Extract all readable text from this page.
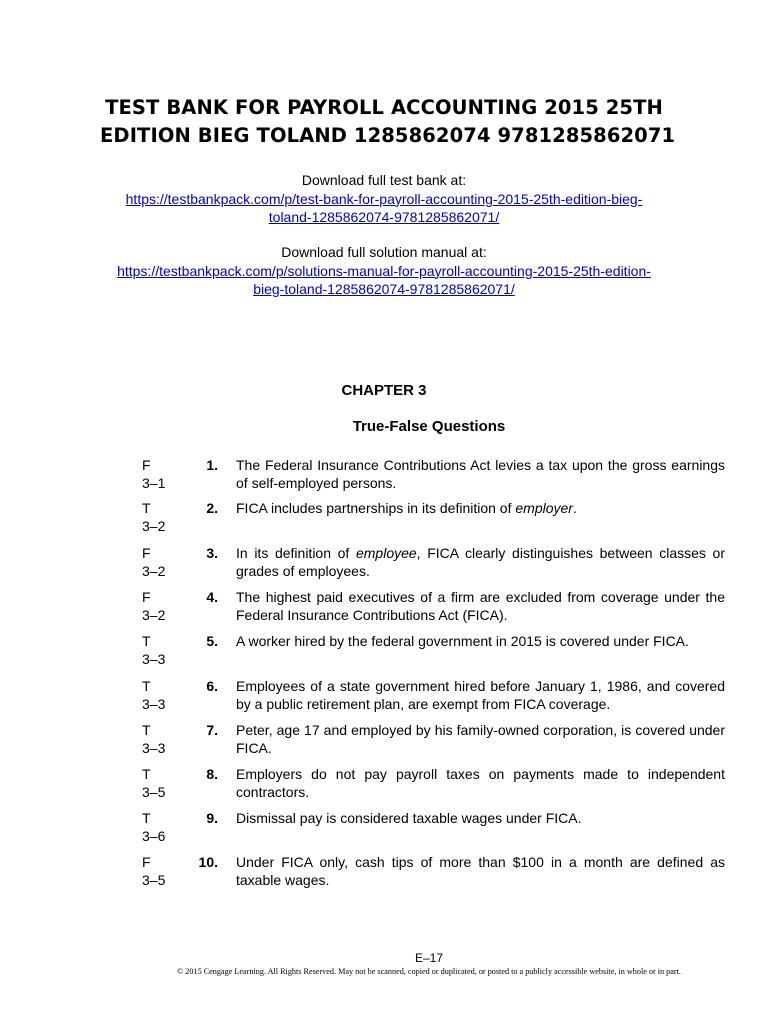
TEST BANK FOR PAYROLL ACCOUNTING 2015 25TH
EDITION BIEG TOLAND 1285862074 9781285862071
Download full test bank at:
https://testbankpack.com/p/test-bank-for-payroll-accounting-2015-25th-edition-bieg-
toland-1285862074-9781285862071/
Download full solution manual at:
https://testbankpack.com/p/solutions-manual-for-payroll-accounting-2015-25th-edition-
bieg-toland-1285862074-9781285862071/
CHAPTER 3
True-False Questions
F
3–1
1. The Federal Insurance Contributions Act levies a tax upon the gross earnings of self-employed persons.
T
3–2
2. FICA includes partnerships in its definition of employer.
F
3–2
3. In its definition of employee, FICA clearly distinguishes between classes or grades of employees.
F
3–2
4. The highest paid executives of a firm are excluded from coverage under the Federal Insurance Contributions Act (FICA).
T
3–3
5. A worker hired by the federal government in 2015 is covered under FICA.
T
3–3
6. Employees of a state government hired before January 1, 1986, and covered by a public retirement plan, are exempt from FICA coverage.
T
3–3
7. Peter, age 17 and employed by his family-owned corporation, is covered under FICA.
T
3–5
8. Employers do not pay payroll taxes on payments made to independent contractors.
T
3–6
9. Dismissal pay is considered taxable wages under FICA.
F
3–5
10. Under FICA only, cash tips of more than $100 in a month are defined as taxable wages.
E–17
© 2015 Cengage Learning. All Rights Reserved. May not be scanned, copied or duplicated, or posted to a publicly accessible website, in whole or in part.
